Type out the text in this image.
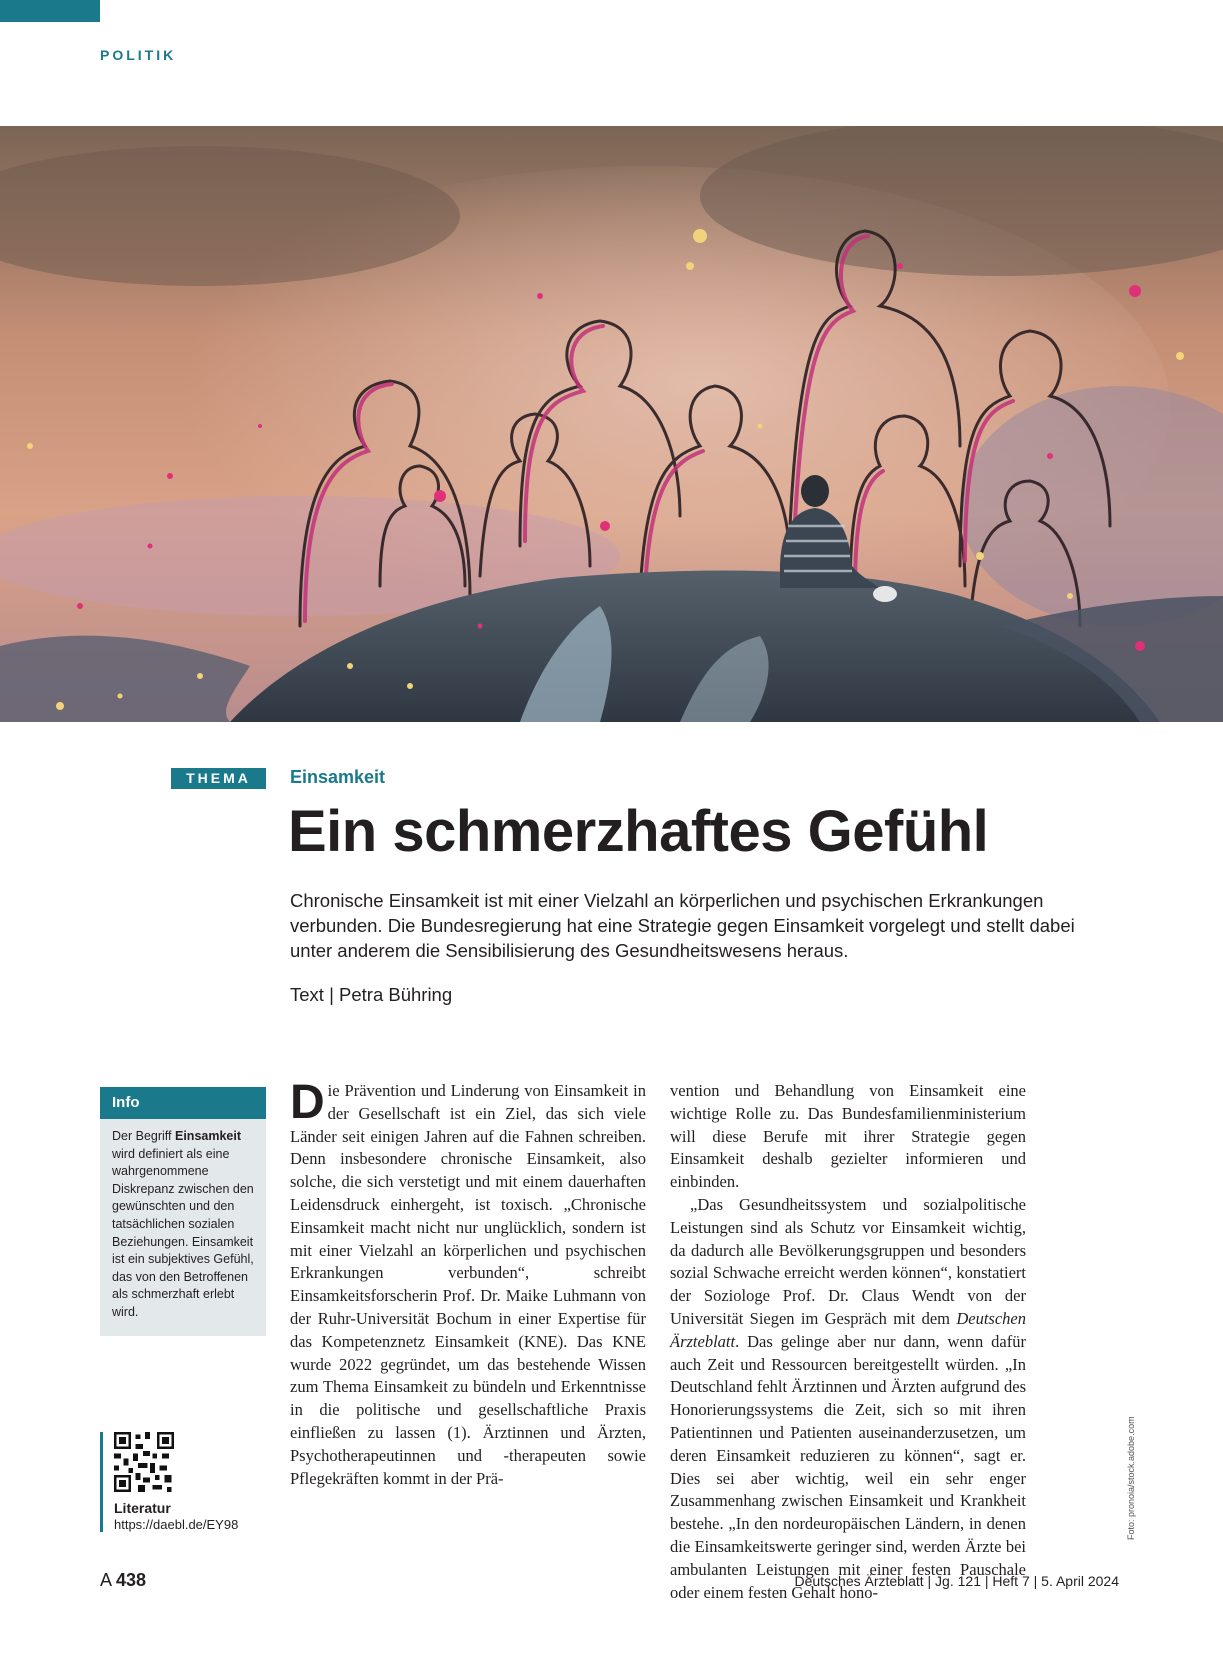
POLITIK
THEMA	Einsamkeit
Ein schmerzhaftes Gefühl

Chronische Einsamkeit ist mit einer Vielzahl an körperlichen und psychischen Erkrankungen verbunden. Die Bundesregierung hat eine Strategie gegen Einsamkeit vorgelegt und stellt dabei unter anderem die Sensibilisierung des Gesundheitswesens heraus.

Text | Petra Bühring
Info
Der Begriff Einsamkeit wird definiert als eine wahrgenommene Diskrepanz zwischen den gewünschten und den tatsächlichen sozialen Beziehungen. Einsamkeit ist ein subjektives Gefühl, das von den Betroffenen als schmerzhaft erlebt wird.
Literatur
https://daebl.de/EY98

Die Prävention und Linderung von Einsamkeit in der Gesellschaft ist ein Ziel, das sich viele Länder seit einigen Jahren auf die Fahnen schreiben. Denn insbesondere chronische Einsamkeit, also solche, die sich verstetigt und mit einem dauerhaften Leidensdruck einhergeht, ist toxisch. „Chronische Einsamkeit macht nicht nur unglücklich, sondern ist mit einer Vielzahl an körperlichen und psychischen Erkrankungen verbunden“, schreibt Einsamkeitsforscherin Prof. Dr. Maike Luhmann von der Ruhr-Universität Bochum in einer Expertise für das Kompetenznetz Einsamkeit (KNE). Das KNE wurde 2022 gegründet, um das bestehende Wissen zum Thema Einsamkeit zu bündeln und Erkenntnisse in die politische und gesellschaftliche Praxis einfließen zu lassen (1). Ärztinnen und Ärzten, Psychotherapeutinnen und -therapeuten sowie Pflegekräften kommt in der Prä-

vention und Behandlung von Einsamkeit eine wichtige Rolle zu. Das Bundesfamilienministerium will diese Berufe mit ihrer Strategie gegen Einsamkeit deshalb gezielter informieren und einbinden.

„Das Gesundheitssystem und sozialpolitische Leistungen sind als Schutz vor Einsamkeit wichtig, da dadurch alle Bevölkerungsgruppen und besonders sozial Schwache erreicht werden können“, konstatiert der Soziologe Prof. Dr. Claus Wendt von der Universität Siegen im Gespräch mit dem Deutschen Ärzteblatt. Das gelinge aber nur dann, wenn dafür auch Zeit und Ressourcen bereitgestellt würden. „In Deutschland fehlt Ärztinnen und Ärzten aufgrund des Honorierungssystems die Zeit, sich so mit ihren Patientinnen und Patienten auseinanderzusetzen, um deren Einsamkeit reduzieren zu können“, sagt er. Dies sei aber wichtig, weil ein sehr enger Zusammenhang zwischen Einsamkeit und Krankheit bestehe. „In den nordeuropäischen Ländern, in denen die Einsamkeitswerte geringer sind, werden Ärzte bei ambulanten Leistungen mit einer festen Pauschale oder einem festen Gehalt hono-

Foto: pronoia/stock.adobe.com
A 438	Deutsches Ärzteblatt | Jg. 121 | Heft 7 | 5. April 2024
